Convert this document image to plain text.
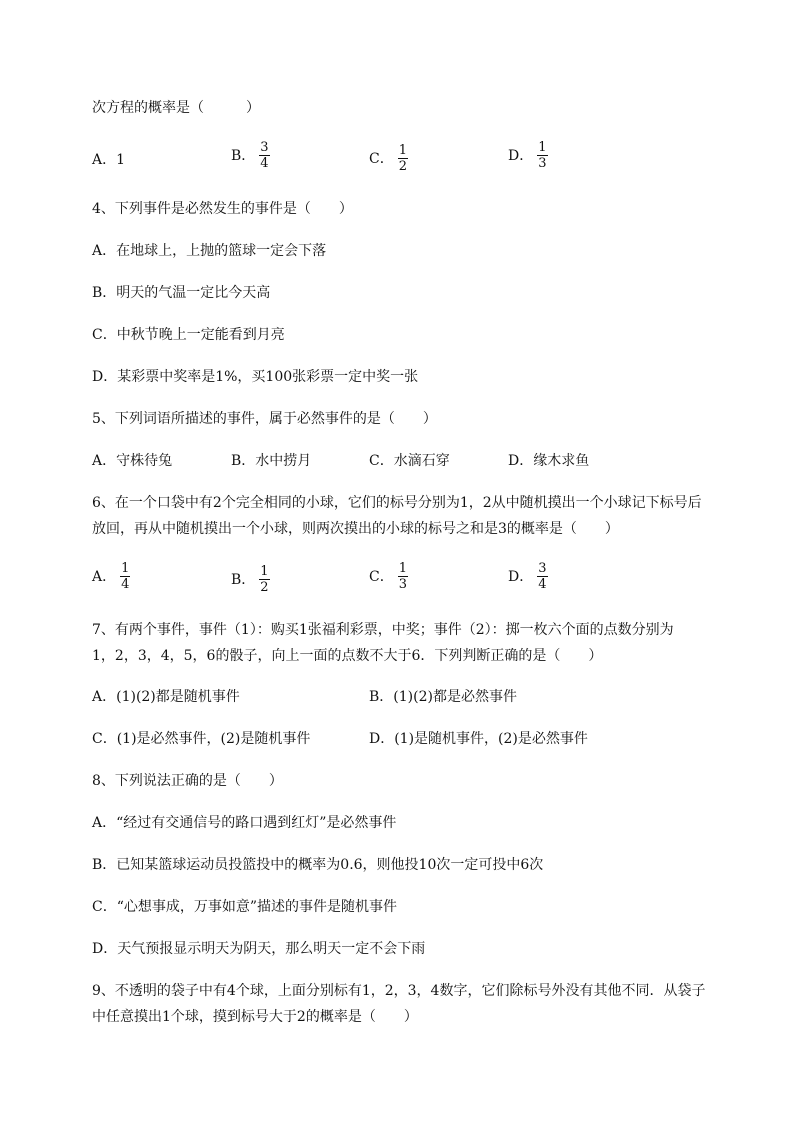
次方程的概率是（　　　）
A．1	B． $\frac{3}{4}$	C． $\frac{1}{2}$	D． $\frac{1}{3}$
4、下列事件是必然发生的事件是（　　）
A．在地球上，上抛的篮球一定会下落
B．明天的气温一定比今天高
C．中秋节晚上一定能看到月亮
D．某彩票中奖率是1%，买100张彩票一定中奖一张
5、下列词语所描述的事件，属于必然事件的是（　　）
A．守株待兔	B．水中捞月	C．水滴石穿	D．缘木求鱼
6、在一个口袋中有2个完全相同的小球，它们的标号分别为1，2从中随机摸出一个小球记下标号后
放回，再从中随机摸出一个小球，则两次摸出的小球的标号之和是3的概率是（　　）
A． $\frac{1}{4}$	B． $\frac{1}{2}$	C． $\frac{1}{3}$	D． $\frac{3}{4}$
7、有两个事件，事件（1）：购买1张福利彩票，中奖；事件（2）：掷一枚六个面的点数分别为
1，2，3，4，5，6的骰子，向上一面的点数不大于6．下列判断正确的是（　　）
A．(1)(2)都是随机事件	B．(1)(2)都是必然事件
C．(1)是必然事件，(2)是随机事件	D．(1)是随机事件，(2)是必然事件
8、下列说法正确的是（　　）
A．“经过有交通信号的路口遇到红灯”是必然事件
B．已知某篮球运动员投篮投中的概率为0.6，则他投10次一定可投中6次
C．“心想事成，万事如意”描述的事件是随机事件
D．天气预报显示明天为阴天，那么明天一定不会下雨
9、不透明的袋子中有4个球，上面分别标有1，2，3，4数字，它们除标号外没有其他不同．从袋子
中任意摸出1个球，摸到标号大于2的概率是（　　）
